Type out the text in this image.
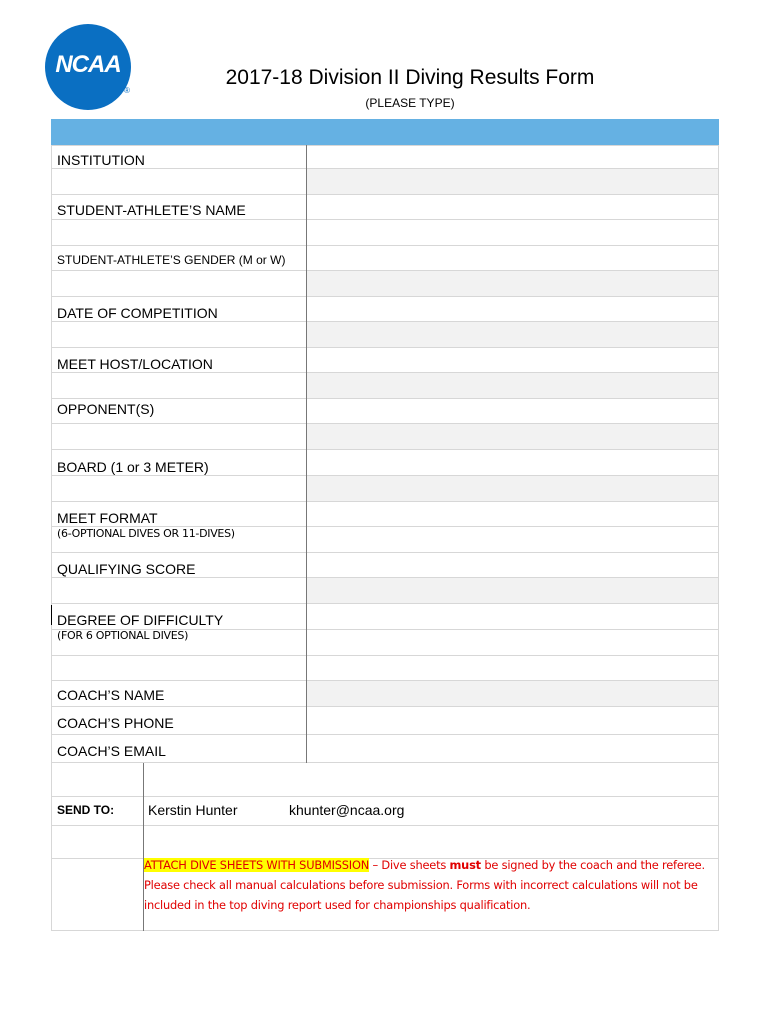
NCAA
®
2017-18 Division II Diving Results Form
(PLEASE TYPE)
INSTITUTION
STUDENT-ATHLETE’S NAME
STUDENT-ATHLETE’S GENDER (M or W)
DATE OF COMPETITION
MEET HOST/LOCATION
OPPONENT(S)
BOARD (1 or 3 METER)
MEET FORMAT
(6-OPTIONAL DIVES OR 11-DIVES)
QUALIFYING SCORE
DEGREE OF DIFFICULTY
(FOR 6 OPTIONAL DIVES)
COACH’S NAME
COACH’S PHONE
COACH’S EMAIL
SEND TO: Kerstin Hunter	khunter@ncaa.org
ATTACH DIVE SHEETS WITH SUBMISSION – Dive sheets must be signed by the coach and the referee. Please check all manual calculations before submission. Forms with incorrect calculations will not be included in the top diving report used for championships qualification.
